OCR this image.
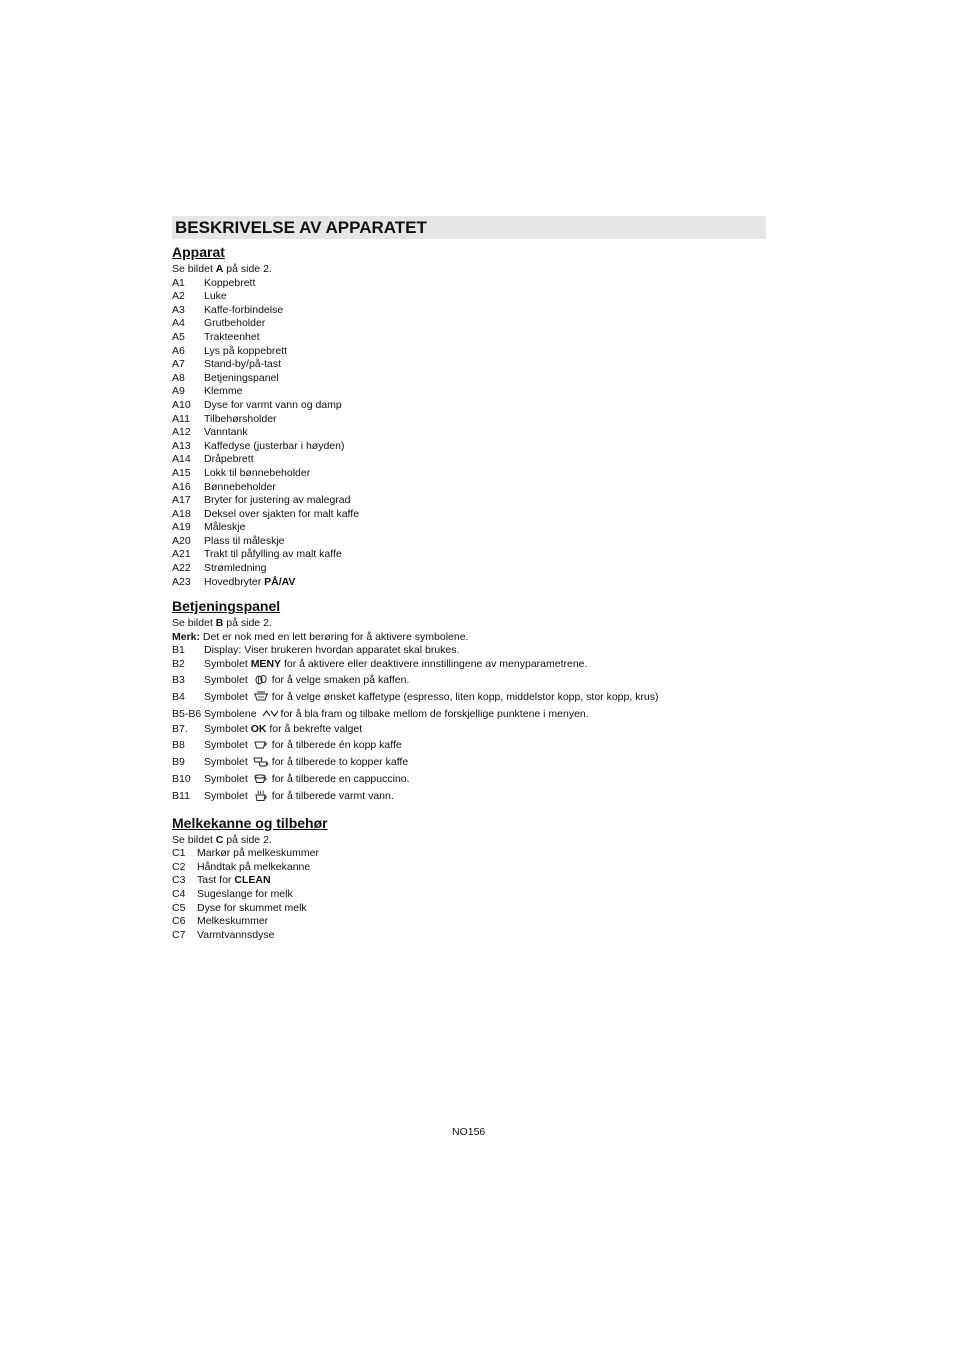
BESKRIVELSE AV APPARATET
Apparat
Se bildet A på side 2.
A1	Koppebrett
A2	Luke
A3	Kaffe-forbindelse
A4	Grutbeholder
A5	Trakteenhet
A6	Lys på koppebrett
A7	Stand-by/på-tast
A8	Betjeningspanel
A9	Klemme
A10	Dyse for varmt vann og damp
A11	Tilbehørsholder
A12	Vanntank
A13	Kaffedyse (justerbar i høyden)
A14	Dråpebrett
A15	Lokk til bønnebeholder
A16	Bønnebeholder
A17	Bryter for justering av malegrad
A18	Deksel over sjakten for malt kaffe
A19	Måleskje
A20	Plass til måleskje
A21	Trakt til påfylling av malt kaffe
A22	Strømledning
A23	Hovedbryter PÅ/AV
Betjeningspanel
Se bildet B på side 2.
Merk: Det er nok med en lett berøring for å aktivere symbolene.
B1	Display: Viser brukeren hvordan apparatet skal brukes.
B2	Symbolet MENY for å aktivere eller deaktivere innstillingene av menyparametrene.
B3	Symbolet for å velge smaken på kaffen.
B4	Symbolet for å velge ønsket kaffetype (espresso, liten kopp, middelstor kopp, stor kopp, krus)
B5-B6 Symbolene for å bla fram og tilbake mellom de forskjellige punktene i menyen.
B7.	Symbolet OK for å bekrefte valget
B8	Symbolet for å tilberede én kopp kaffe
B9	Symbolet for å tilberede to kopper kaffe
B10	Symbolet for å tilberede en cappuccino.
B11	Symbolet for å tilberede varmt vann.
Melkekanne og tilbehør
Se bildet C på side 2.
C1	Markør på melkeskummer
C2	Håndtak på melkekanne
C3	Tast for CLEAN
C4	Sugeslange for melk
C5	Dyse for skummet melk
C6	Melkeskummer
C7	Varmtvannsdyse
NO156
